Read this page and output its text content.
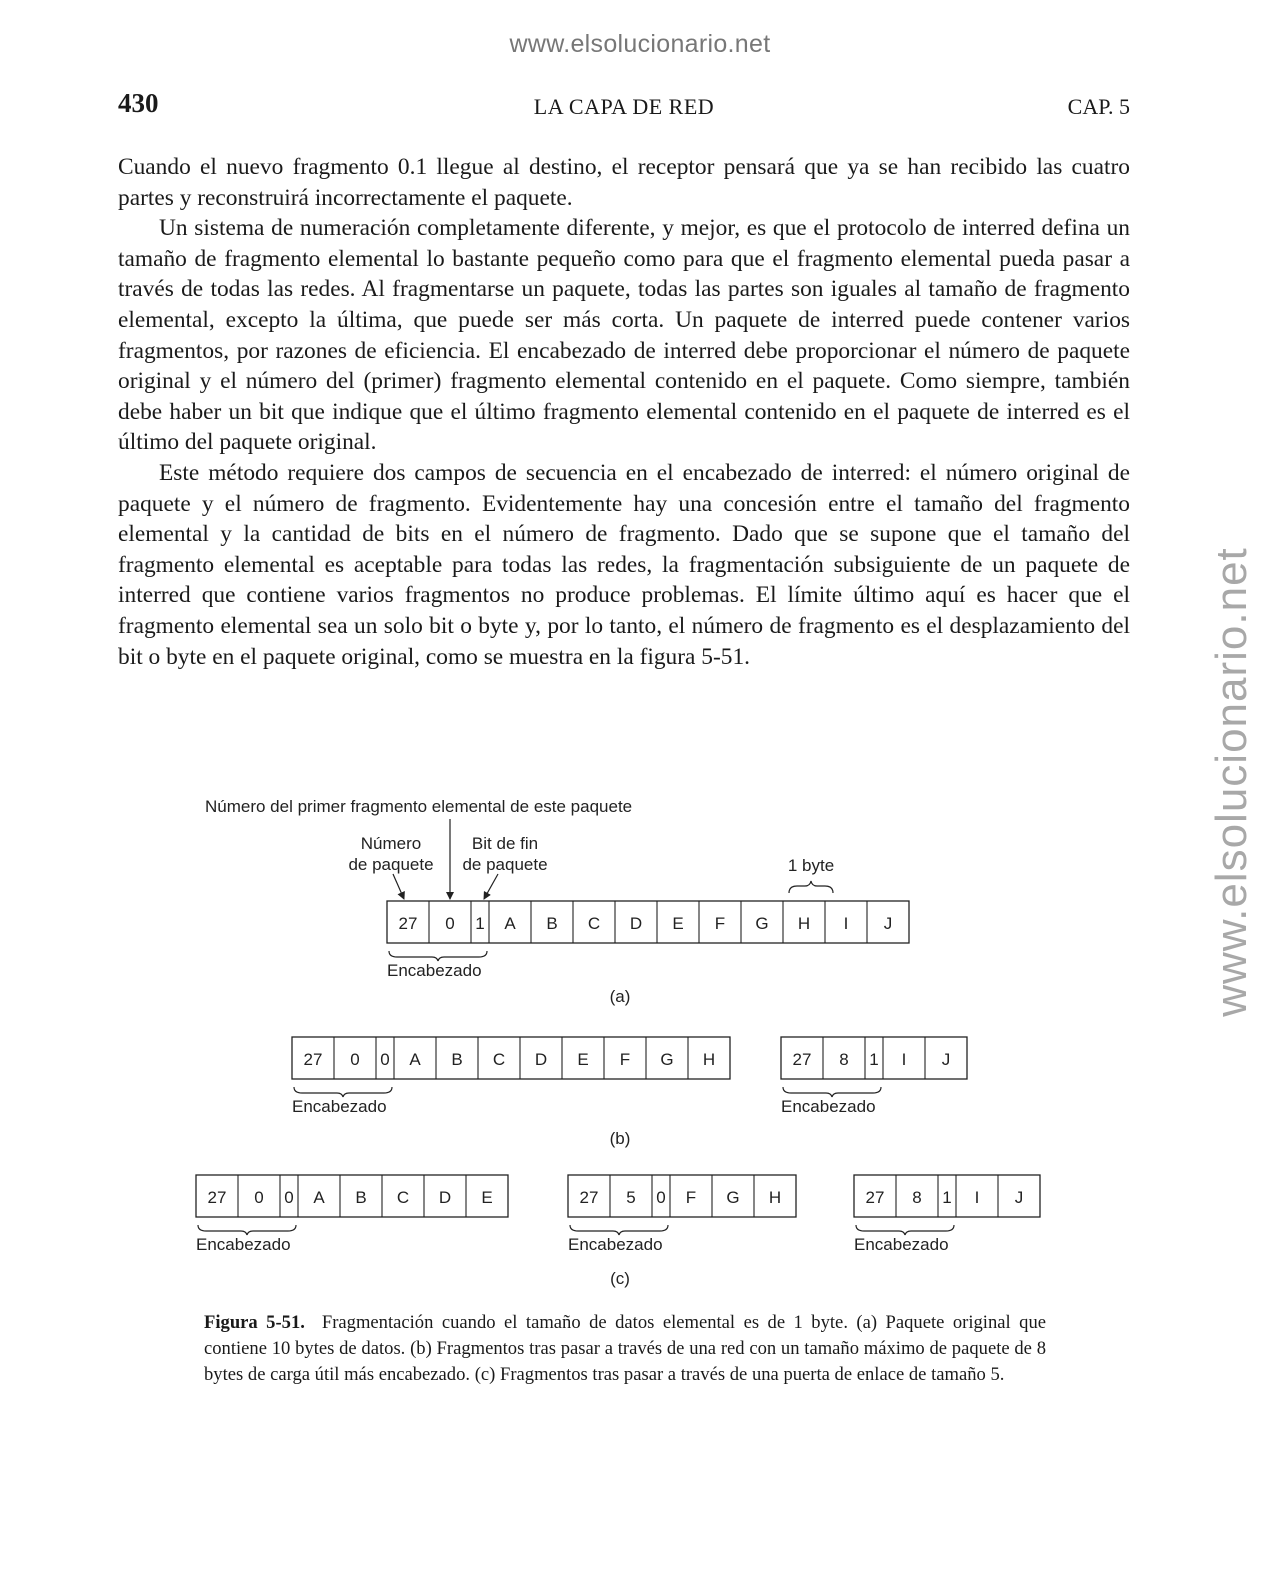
www.elsolucionario.net
www.elsolucionario.net
430	LA CAPA DE RED	CAP. 5

Cuando el nuevo fragmento 0.1 llegue al destino, el receptor pensará que ya se han recibido las cuatro partes y reconstruirá incorrectamente el paquete.

Un sistema de numeración completamente diferente, y mejor, es que el protocolo de interred defina un tamaño de fragmento elemental lo bastante pequeño como para que el fragmento elemental pueda pasar a través de todas las redes. Al fragmentarse un paquete, todas las partes son iguales al tamaño de fragmento elemental, excepto la última, que puede ser más corta. Un paquete de interred puede contener varios fragmentos, por razones de eficiencia. El encabezado de interred debe proporcionar el número de paquete original y el número del (primer) fragmento elemental contenido en el paquete. Como siempre, también debe haber un bit que indique que el último fragmento elemental contenido en el paquete de interred es el último del paquete original.

Este método requiere dos campos de secuencia en el encabezado de interred: el número original de paquete y el número de fragmento. Evidentemente hay una concesión entre el tamaño del fragmento elemental y la cantidad de bits en el número de fragmento. Dado que se supone que el tamaño del fragmento elemental es aceptable para todas las redes, la fragmentación subsiguiente de un paquete de interred que contiene varios fragmentos no produce problemas. El límite último aquí es hacer que el fragmento elemental sea un solo bit o byte y, por lo tanto, el número de fragmento es el desplazamiento del bit o byte en el paquete original, como se muestra en la figura 5-51.

Número del primer fragmento elemental de este paquete
Número
de paquete
Bit de fin
de paquete	1 byte
27 0 1 A B C D E F G H I J
Encabezado
(a)
27 0 0 A B C D E F G H
Encabezado
27 8 1 I J
Encabezado
(b)
27 0 0 A B C D E
Encabezado
27 5 0 F G H
Encabezado
27 8 1 I J
Encabezado
(c)
Figura 5-51. Fragmentación cuando el tamaño de datos elemental es de 1 byte. (a) Paquete original que contiene 10 bytes de datos. (b) Fragmentos tras pasar a través de una red con un tamaño máximo de paquete de 8 bytes de carga útil más encabezado. (c) Fragmentos tras pasar a través de una puerta de enlace de tamaño 5.
